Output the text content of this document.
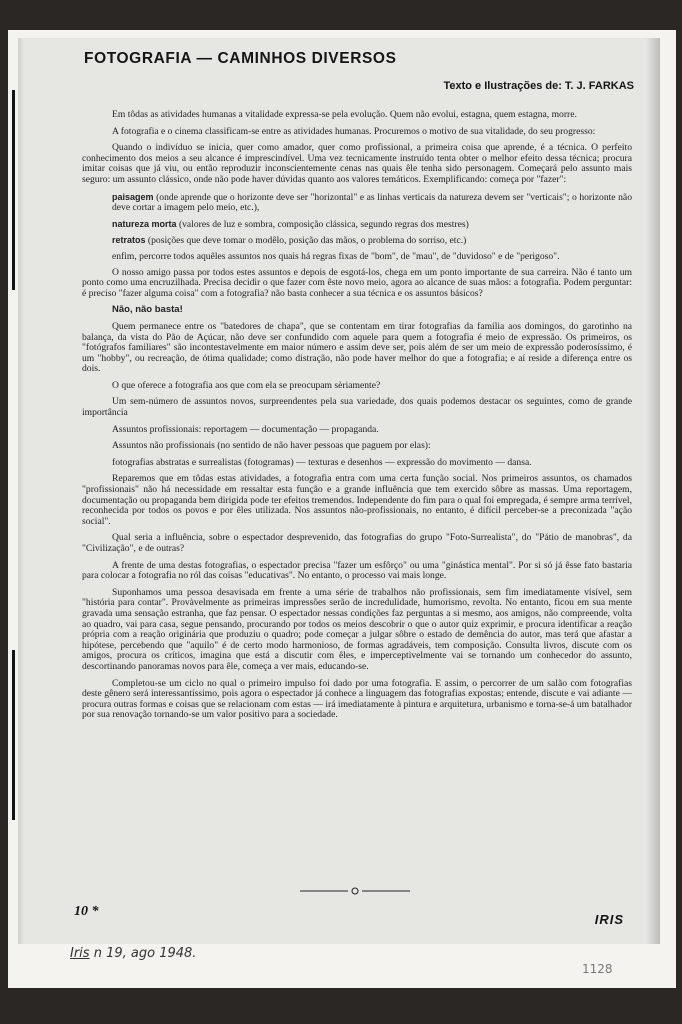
FOTOGRAFIA — CAMINHOS DIVERSOS
Texto e Ilustrações de: T. J. FARKAS

Em tôdas as atividades humanas a vitalidade expressa-se pela evolução. Quem não evolui, estagna, quem estagna, morre.

A fotografia e o cinema classificam-se entre as atividades humanas. Procuremos o motivo de sua vitalidade, do seu progresso:

Quando o indivíduo se inicia, quer como amador, quer como profissional, a primeira coisa que aprende, é a técnica. O perfeito conhecimento dos meios a seu alcance é imprescindível. Uma vez tecnicamente instruído tenta obter o melhor efeito dessa técnica; procura imitar coisas que já viu, ou então reproduzir inconscientemente cenas nas quais êle tenha sido personagem. Começará pelo assunto mais seguro: um assunto clássico, onde não pode haver dúvidas quanto aos valores temáticos. Exemplificando: começa por "fazer":

paisagem (onde aprende que o horizonte deve ser "horizontal" e as linhas verticais da natureza devem ser "verticais"; o horizonte não deve cortar a imagem pelo meio, etc.),
natureza morta (valores de luz e sombra, composição clássica, segundo regras dos mestres)
retratos (posições que deve tomar o modêlo, posição das mãos, o problema do sorriso, etc.)
enfim, percorre todos aquêles assuntos nos quais há regras fixas de "bom", de "mau", de "duvidoso" e de "perigoso".

O nosso amigo passa por todos estes assuntos e depois de esgotá-los, chega em um ponto importante de sua carreira. Não é tanto um ponto como uma encruzilhada. Precisa decidir o que fazer com êste novo meio, agora ao alcance de suas mãos: a fotografia. Podem perguntar: é preciso "fazer alguma coisa" com a fotografia? não basta conhecer a sua técnica e os assuntos básicos?

Não, não basta!

Quem permanece entre os "batedores de chapa", que se contentam em tirar fotografias da família aos domingos, do garotinho na balança, da vista do Pão de Açúcar, não deve ser confundido com aquele para quem a fotografia é meio de expressão. Os primeiros, os "fotógrafos familiares" são incontestavelmente em maior número e assim deve ser, pois além de ser um meio de expressão poderosíssimo, é um "hobby", ou recreação, de ótima qualidade; como distração, não pode haver melhor do que a fotografia; e aí reside a diferença entre os dois.

O que oferece a fotografia aos que com ela se preocupam sèriamente?

Um sem-número de assuntos novos, surpreendentes pela sua variedade, dos quais podemos destacar os seguintes, como de grande importância

Assuntos profissionais: reportagem — documentação — propaganda.

Assuntos não profissionais (no sentido de não haver pessoas que paguem por elas):

fotografias abstratas e surrealistas (fotogramas) — texturas e desenhos — expressão do movimento — dansa.

Reparemos que em tôdas estas atividades, a fotografia entra com uma certa função social. Nos primeiros assuntos, os chamados "profissionais" não há necessidade em ressaltar esta função e a grande influência que tem exercido sôbre as massas. Uma reportagem, documentação ou propaganda bem dirigida pode ter efeitos tremendos. Independente do fim para o qual foi empregada, é sempre arma terrível, reconhecida por todos os povos e por êles utilizada. Nos assuntos não-profissionais, no entanto, é difícil perceber-se a preconizada "ação social".

Qual seria a influência, sobre o espectador desprevenido, das fotografias do grupo "Foto-Surrealista", do "Pátio de manobras", da "Civilização", e de outras?

A frente de uma destas fotografias, o espectador precisa "fazer um esfôrço" ou uma "ginástica mental". Por si só já êsse fato bastaria para colocar a fotografia no ról das coisas "educativas". No entanto, o processo vai mais longe.

Suponhamos uma pessoa desavisada em frente a uma série de trabalhos não profissionais, sem fim imediatamente visível, sem "história para contar". Provàvelmente as primeiras impressões serão de incredulidade, humorismo, revolta. No entanto, ficou em sua mente gravada uma sensação estranha, que faz pensar. O espectador nessas condições faz perguntas a si mesmo, aos amigos, não compreende, volta ao quadro, vai para casa, segue pensando, procurando por todos os meios descobrir o que o autor quiz exprimir, e procura identificar a reação própria com a reação originária que produziu o quadro; pode começar a julgar sôbre o estado de demência do autor, mas terá que afastar a hipótese, percebendo que "aquilo" é de certo modo harmonioso, de formas agradáveis, tem composição. Consulta livros, discute com os amigos, procura os críticos, imagina que está a discutir com êles, e imperceptìvelmente vai se tornando um conhecedor do assunto, descortinando panoramas novos para êle, começa a ver mais, educando-se.

Completou-se um ciclo no qual o primeiro impulso foi dado por uma fotografia. E assim, o percorrer de um salão com fotografias deste gênero será interessantíssimo, pois agora o espectador já conhece a linguagem das fotografias expostas; entende, discute e vai adiante — procura outras formas e coisas que se relacionam com estas — irá imediatamente à pintura e arquitetura, urbanismo e torna-se-á um batalhador por sua renovação tornando-se um valor positivo para a sociedade.

10 *
IRIS
Iris n 19, ago 1948.
1128
